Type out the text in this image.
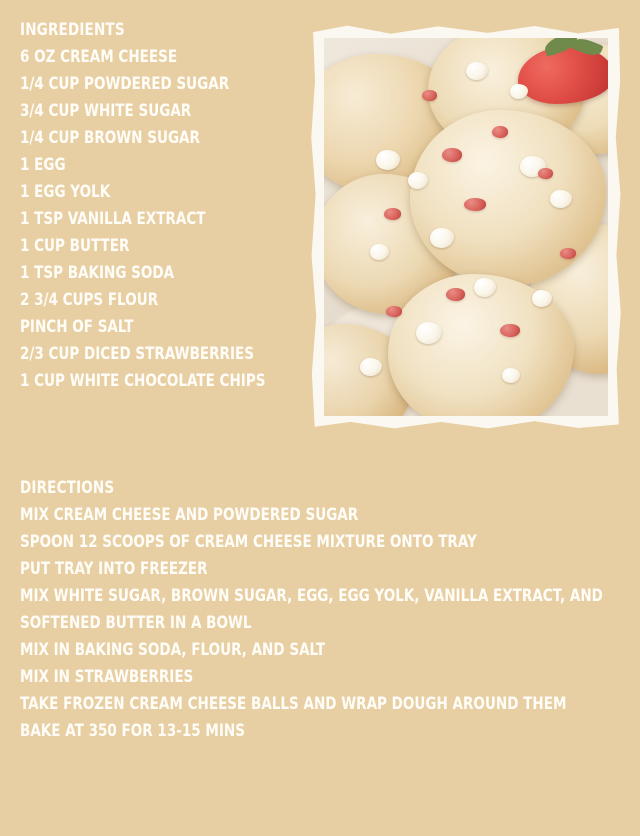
INGREDIENTS
6 OZ CREAM CHEESE
1/4 CUP POWDERED SUGAR
3/4 CUP WHITE SUGAR
1/4 CUP BROWN SUGAR
1 EGG
1 EGG YOLK
1 TSP VANILLA EXTRACT
1 CUP BUTTER
1 TSP BAKING SODA
2 3/4 CUPS FLOUR
PINCH OF SALT
2/3 CUP DICED STRAWBERRIES
1 CUP WHITE CHOCOLATE CHIPS
DIRECTIONS
MIX CREAM CHEESE AND POWDERED SUGAR
SPOON 12 SCOOPS OF CREAM CHEESE MIXTURE ONTO TRAY
PUT TRAY INTO FREEZER
MIX WHITE SUGAR, BROWN SUGAR, EGG, EGG YOLK, VANILLA EXTRACT, AND SOFTENED BUTTER IN A BOWL
MIX IN BAKING SODA, FLOUR, AND SALT
MIX IN STRAWBERRIES
TAKE FROZEN CREAM CHEESE BALLS AND WRAP DOUGH AROUND THEM
BAKE AT 350 FOR 13-15 MINS
